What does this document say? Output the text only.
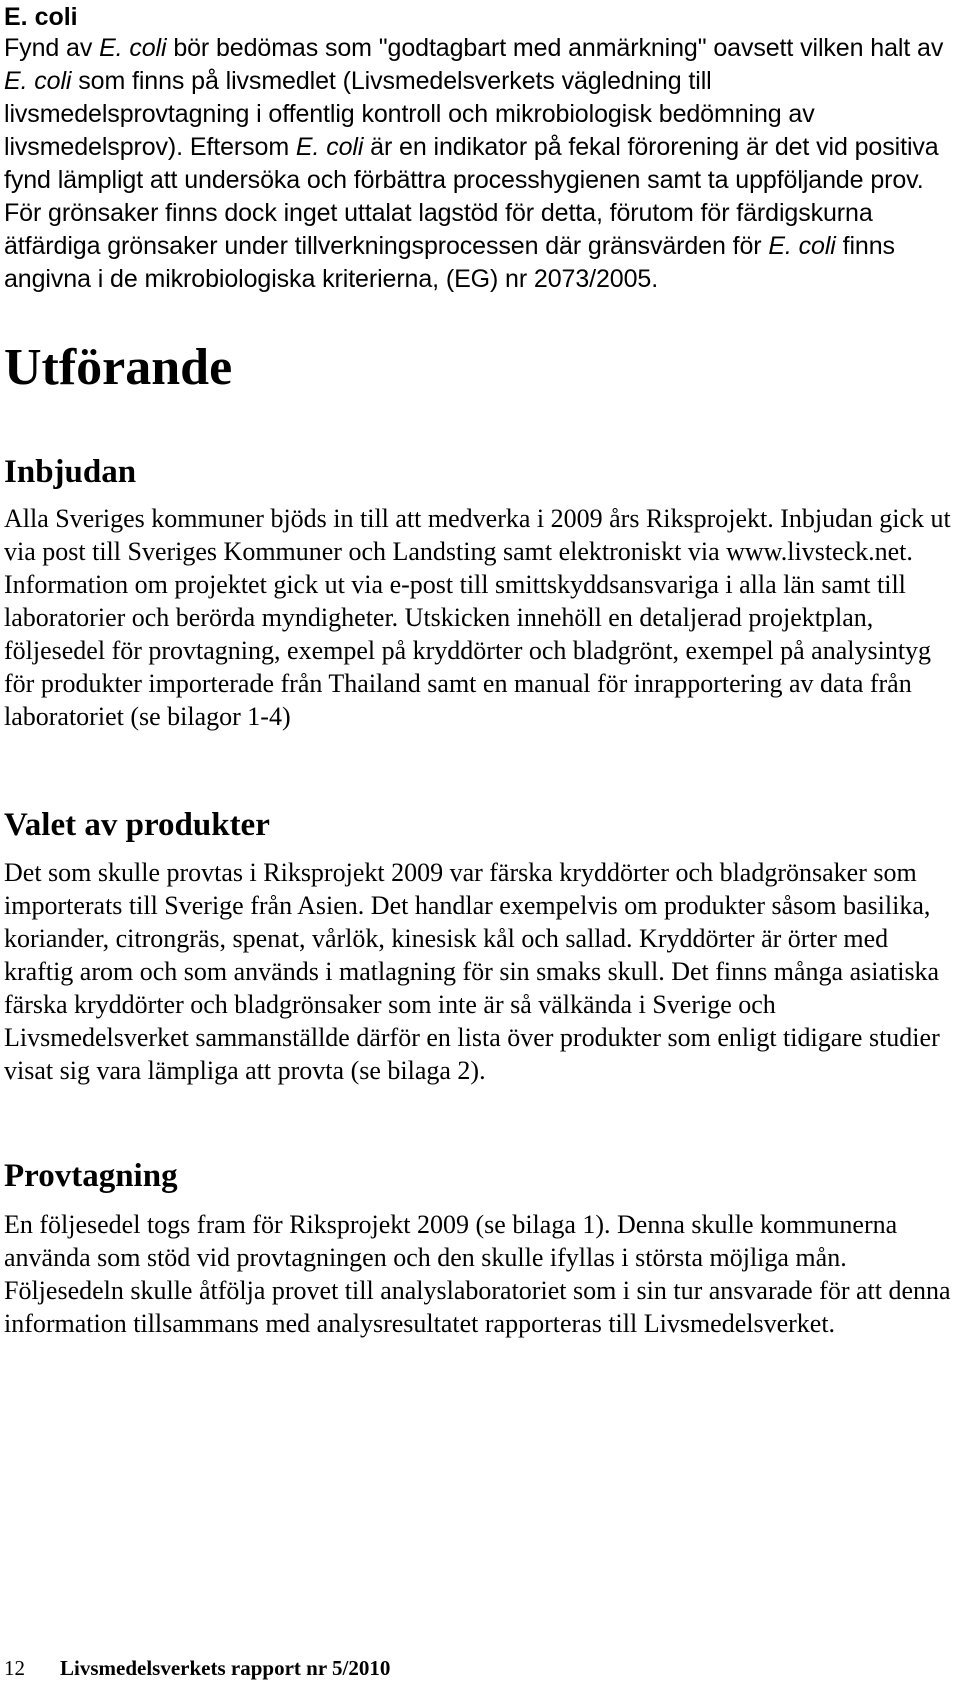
E. coli

Fynd av E. coli bör bedömas som "godtagbart med anmärkning" oavsett vilken halt av E. coli som finns på livsmedlet (Livsmedelsverkets vägledning till livsmedelsprovtagning i offentlig kontroll och mikrobiologisk bedömning av livsmedelsprov). Eftersom E. coli är en indikator på fekal förorening är det vid positiva fynd lämpligt att undersöka och förbättra processhygienen samt ta uppföljande prov. För grönsaker finns dock inget uttalat lagstöd för detta, förutom för färdigskurna ätfärdiga grönsaker under tillverkningsprocessen där gränsvärden för E. coli finns angivna i de mikrobiologiska kriterierna, (EG) nr 2073/2005.

Utförande
Inbjudan

Alla Sveriges kommuner bjöds in till att medverka i 2009 års Riksprojekt. Inbjudan gick ut via post till Sveriges Kommuner och Landsting samt elektroniskt via www.livsteck.net. Information om projektet gick ut via e-post till smittskyddsansvariga i alla län samt till laboratorier och berörda myndigheter. Utskicken innehöll en detaljerad projektplan, följesedel för provtagning, exempel på kryddörter och bladgrönt, exempel på analysintyg för produkter importerade från Thailand samt en manual för inrapportering av data från laboratoriet (se bilagor 1-4)

Valet av produkter

Det som skulle provtas i Riksprojekt 2009 var färska kryddörter och bladgrönsaker som importerats till Sverige från Asien. Det handlar exempelvis om produkter såsom basilika, koriander, citrongräs, spenat, vårlök, kinesisk kål och sallad. Kryddörter är örter med kraftig arom och som används i matlagning för sin smaks skull. Det finns många asiatiska färska kryddörter och bladgrönsaker som inte är så välkända i Sverige och Livsmedelsverket sammanställde därför en lista över produkter som enligt tidigare studier visat sig vara lämpliga att provta (se bilaga 2).

Provtagning

En följesedel togs fram för Riksprojekt 2009 (se bilaga 1). Denna skulle kommunerna använda som stöd vid provtagningen och den skulle ifyllas i största möjliga mån. Följesedeln skulle åtfölja provet till analyslaboratoriet som i sin tur ansvarade för att denna information tillsammans med analysresultatet rapporteras till Livsmedelsverket.

12 Livsmedelsverkets rapport nr 5/2010
